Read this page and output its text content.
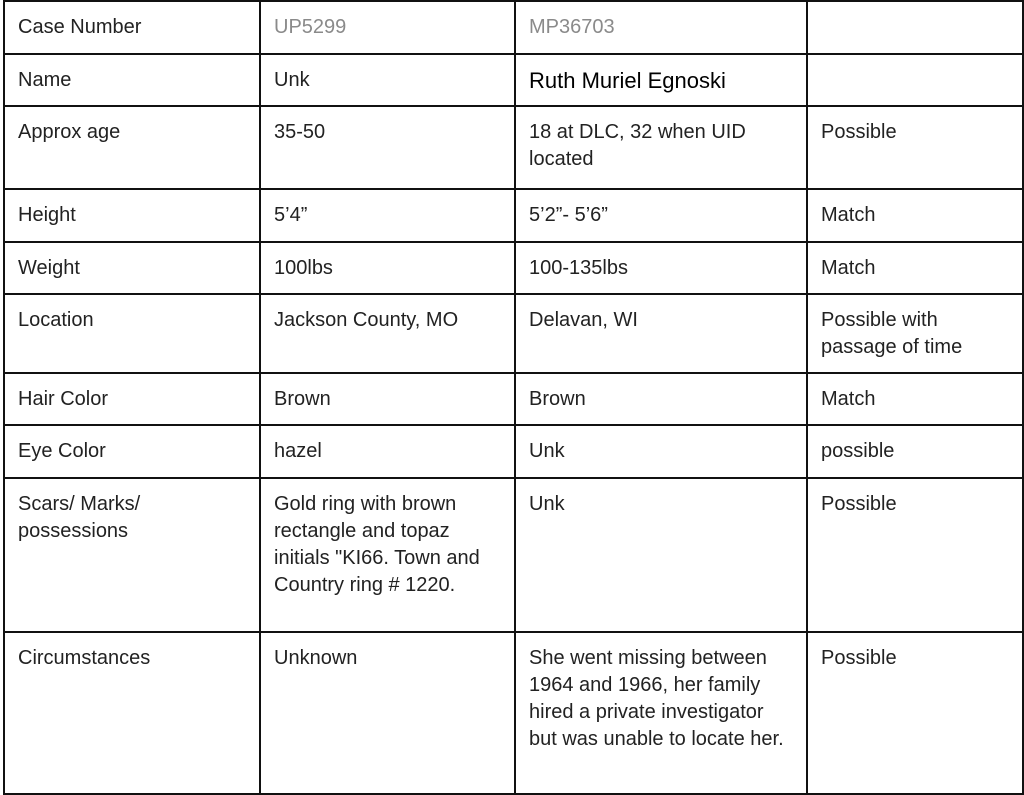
Case Number	UP5299	MP36703	
Name	Unk	Ruth Muriel Egnoski	
Approx age	35-50	18 at DLC, 32 when UID located	Possible
Height	5’4”	5’2”- 5’6”	Match
Weight	100lbs	100-135lbs	Match
Location	Jackson County, MO	Delavan, WI	Possible with passage of time
Hair Color	Brown	Brown	Match
Eye Color	hazel	Unk	possible
Scars/ Marks/ possessions	Gold ring with brown rectangle and topaz initials "KI66. Town and Country ring # 1220.	Unk	Possible
Circumstances	Unknown	She went missing between 1964 and 1966, her family hired a private investigator but was unable to locate her.	Possible
